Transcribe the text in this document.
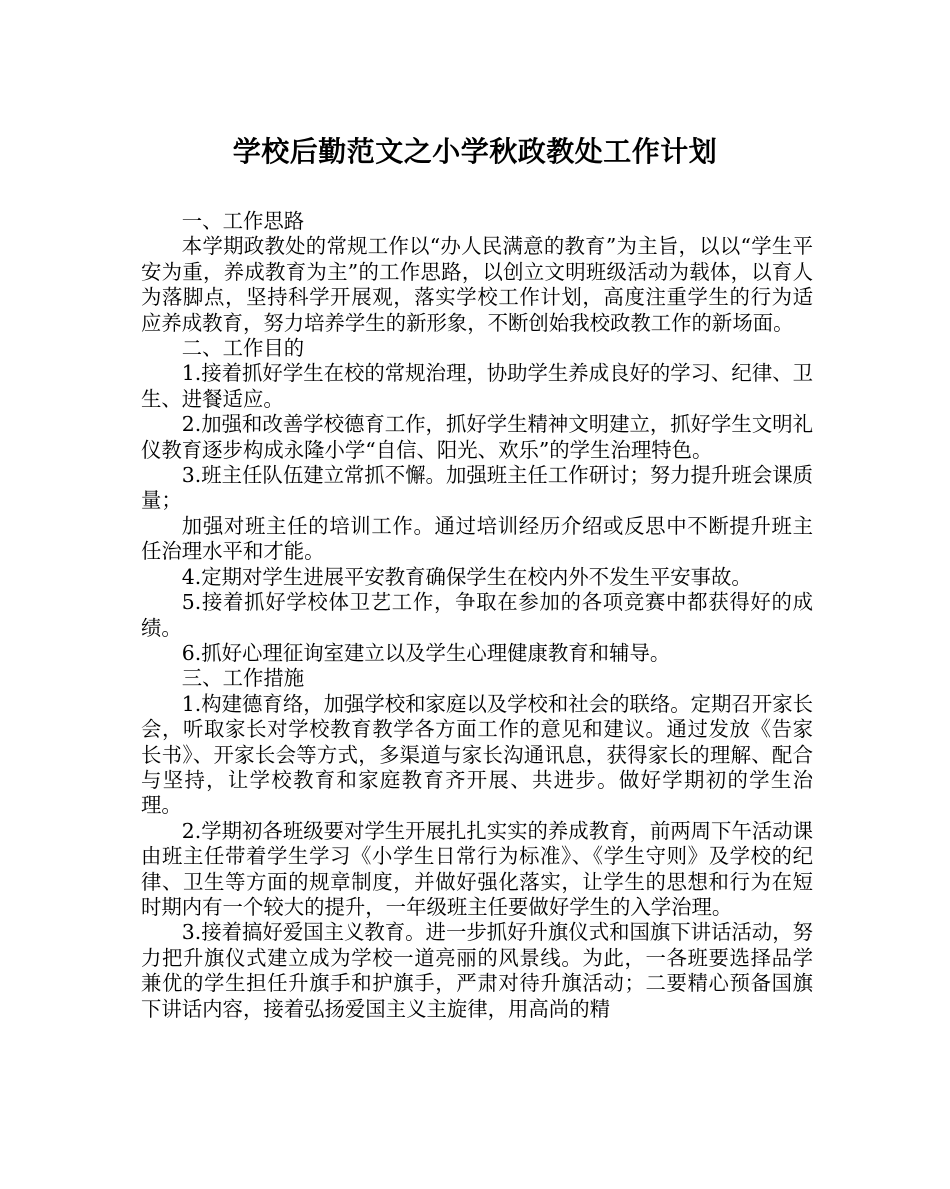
学校后勤范文之小学秋政教处工作计划

一、工作思路

本学期政教处的常规工作以“办人民满意的教育”为主旨，以以“学生平安为重，养成教育为主”的工作思路，以创立文明班级活动为载体，以育人为落脚点，坚持科学开展观，落实学校工作计划，高度注重学生的行为适应养成教育，努力培养学生的新形象，不断创始我校政教工作的新场面。

二、工作目的

1.接着抓好学生在校的常规治理，协助学生养成良好的学习、纪律、卫生、进餐适应。

2.加强和改善学校德育工作，抓好学生精神文明建立，抓好学生文明礼仪教育逐步构成永隆小学“自信、阳光、欢乐”的学生治理特色。

3.班主任队伍建立常抓不懈。加强班主任工作研讨；努力提升班会课质量；

加强对班主任的培训工作。通过培训经历介绍或反思中不断提升班主任治理水平和才能。

4.定期对学生进展平安教育确保学生在校内外不发生平安事故。

5.接着抓好学校体卫艺工作，争取在参加的各项竞赛中都获得好的成绩。

6.抓好心理征询室建立以及学生心理健康教育和辅导。

三、工作措施

1.构建德育络，加强学校和家庭以及学校和社会的联络。定期召开家长会，听取家长对学校教育教学各方面工作的意见和建议。通过发放《告家长书》、开家长会等方式，多渠道与家长沟通讯息，获得家长的理解、配合与坚持，让学校教育和家庭教育齐开展、共进步。做好学期初的学生治理。

2.学期初各班级要对学生开展扎扎实实的养成教育，前两周下午活动课由班主任带着学生学习《小学生日常行为标准》、《学生守则》及学校的纪律、卫生等方面的规章制度，并做好强化落实，让学生的思想和行为在短时期内有一个较大的提升，一年级班主任要做好学生的入学治理。

3.接着搞好爱国主义教育。进一步抓好升旗仪式和国旗下讲话活动，努力把升旗仪式建立成为学校一道亮丽的风景线。为此，一各班要选择品学兼优的学生担任升旗手和护旗手，严肃对待升旗活动；二要精心预备国旗下讲话内容，接着弘扬爱国主义主旋律，用高尚的精
